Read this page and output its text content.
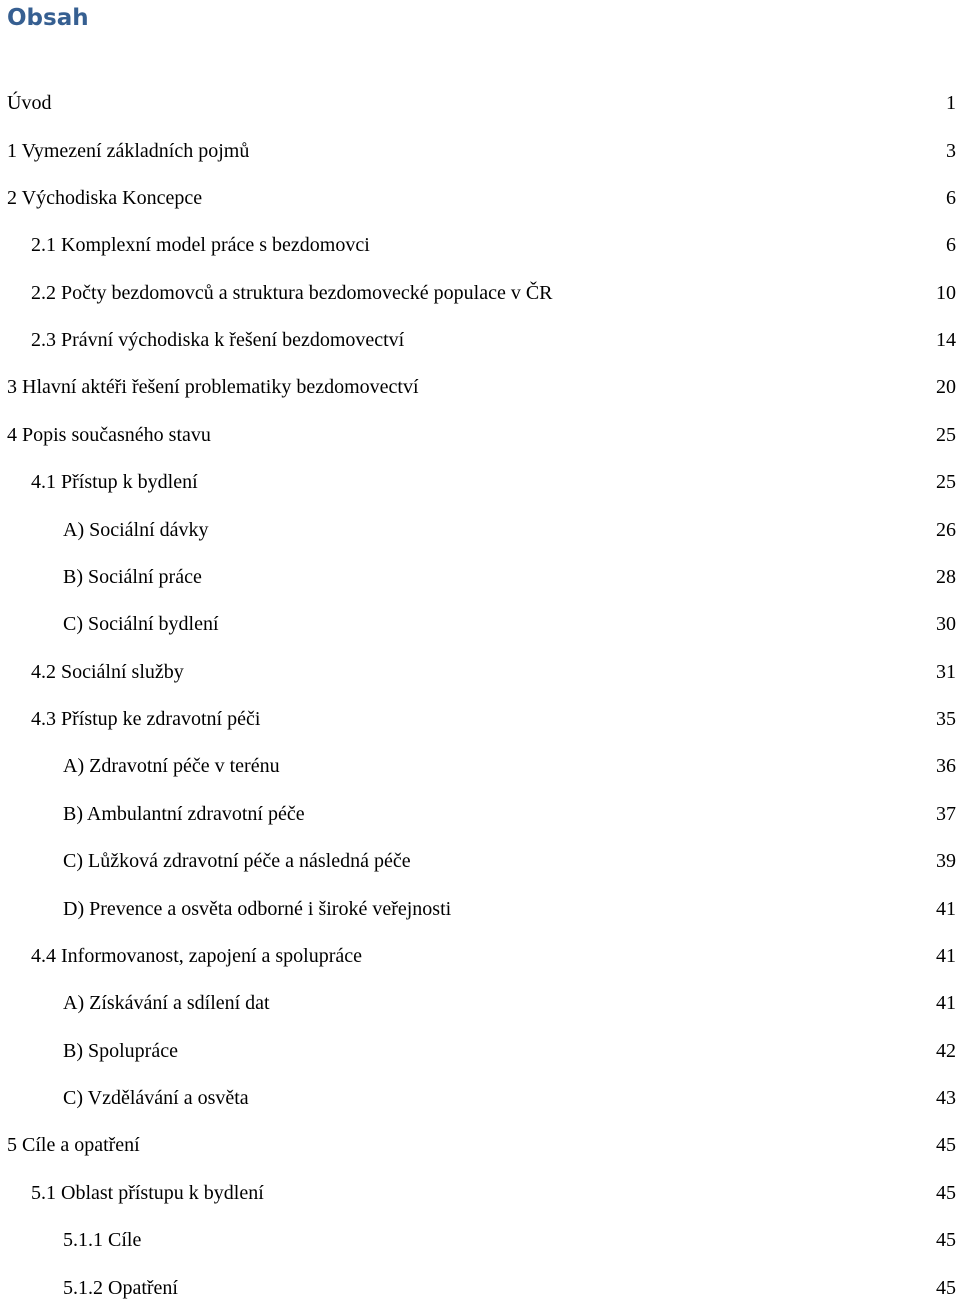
Obsah
Úvod	1
1 Vymezení základních pojmů	3
2 Východiska Koncepce	6
2.1 Komplexní model práce s bezdomovci	6
2.2 Počty bezdomovců a struktura bezdomovecké populace v ČR	10
2.3 Právní východiska k řešení bezdomovectví	14
3 Hlavní aktéři řešení problematiky bezdomovectví	20
4 Popis současného stavu	25
4.1 Přístup k bydlení	25
A) Sociální dávky	26
B) Sociální práce	28
C) Sociální bydlení	30
4.2 Sociální služby	31
4.3 Přístup ke zdravotní péči	35
A) Zdravotní péče v terénu	36
B) Ambulantní zdravotní péče	37
C) Lůžková zdravotní péče a následná péče	39
D) Prevence a osvěta odborné i široké veřejnosti	41
4.4 Informovanost, zapojení a spolupráce	41
A) Získávání a sdílení dat	41
B) Spolupráce	42
C) Vzdělávání a osvěta	43
5 Cíle a opatření	45
5.1 Oblast přístupu k bydlení	45
5.1.1 Cíle	45
5.1.2 Opatření	45
